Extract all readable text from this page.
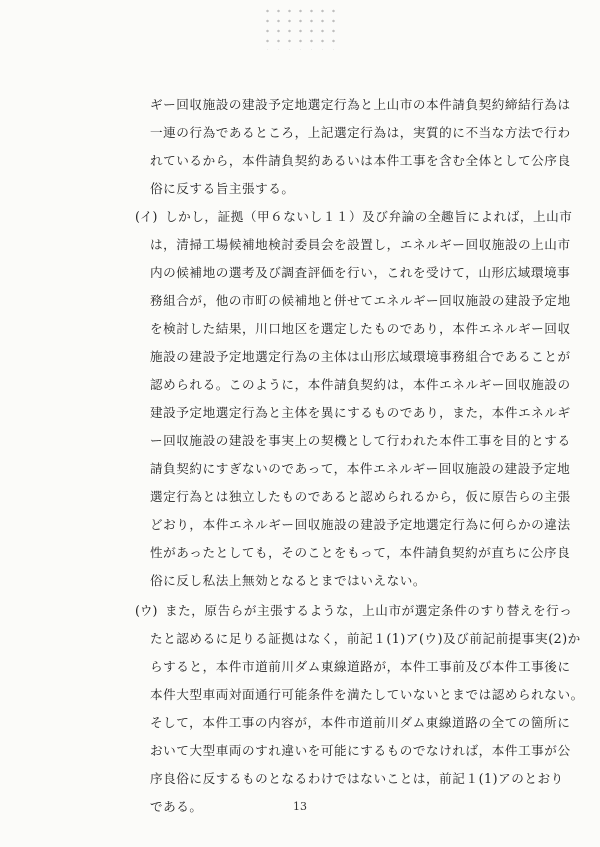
ギー回収施設の建設予定地選定行為と上山市の本件請負契約締結行為は
一連の行為であるところ，上記選定行為は，実質的に不当な方法で行わ
れているから，本件請負契約あるいは本件工事を含む全体として公序良
俗に反する旨主張する。
(イ) しかし，証拠（甲６ないし１１）及び弁論の全趣旨によれば，上山市
は，清掃工場候補地検討委員会を設置し，エネルギー回収施設の上山市
内の候補地の選考及び調査評価を行い，これを受けて，山形広域環境事
務組合が，他の市町の候補地と併せてエネルギー回収施設の建設予定地
を検討した結果，川口地区を選定したものであり，本件エネルギー回収
施設の建設予定地選定行為の主体は山形広域環境事務組合であることが
認められる。このように，本件請負契約は，本件エネルギー回収施設の
建設予定地選定行為と主体を異にするものであり，また，本件エネルギ
ー回収施設の建設を事実上の契機として行われた本件工事を目的とする
請負契約にすぎないのであって，本件エネルギー回収施設の建設予定地
選定行為とは独立したものであると認められるから，仮に原告らの主張
どおり，本件エネルギー回収施設の建設予定地選定行為に何らかの違法
性があったとしても，そのことをもって，本件請負契約が直ちに公序良
俗に反し私法上無効となるとまではいえない。
(ウ) また，原告らが主張するような，上山市が選定条件のすり替えを行っ
たと認めるに足りる証拠はなく，前記１(1)ア(ウ)及び前記前提事実(2)か
らすると，本件市道前川ダム東線道路が，本件工事前及び本件工事後に
本件大型車両対面通行可能条件を満たしていないとまでは認められない。
そして，本件工事の内容が，本件市道前川ダム東線道路の全ての箇所に
おいて大型車両のすれ違いを可能にするものでなければ，本件工事が公
序良俗に反するものとなるわけではないことは，前記１(1)アのとおり
である。	13
